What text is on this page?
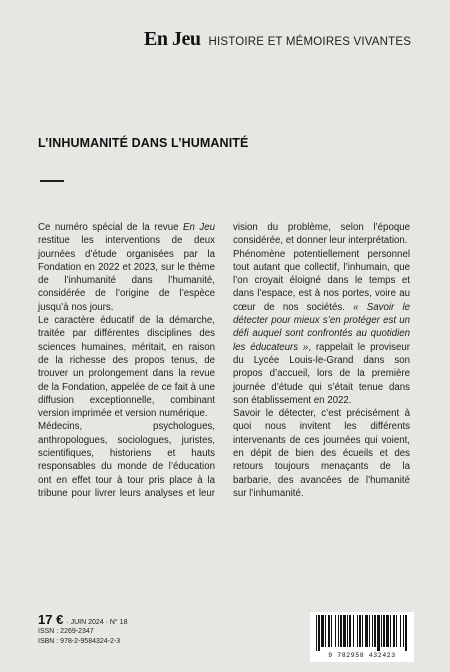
En Jeu HISTOIRE ET MÉMOIRES VIVANTES
L’INHUMANITÉ DANS L’HUMANITÉ

Ce numéro spécial de la revue En Jeu restitue les interventions de deux journées d’étude organisées par la Fondation en 2022 et 2023, sur le thème de l’inhumanité dans l’humanité, considérée de l’origine de l’espèce jusqu’à nos jours.

Le caractère éducatif de la démarche, traitée par différentes disciplines des sciences humaines, méritait, en raison de la richesse des propos tenus, de trouver un prolongement dans la revue de la Fondation, appelée de ce fait à une diffusion exceptionnelle, combinant version imprimée et version numérique.

Médecins, psychologues, anthropologues, sociologues, juristes, scientifiques, historiens et hauts responsables du monde de l’éducation ont en effet tour à tour pris place à la tribune pour livrer leurs analyses et leur vision du problème, selon l’époque considérée, et donner leur interprétation.

Phénomène potentiellement personnel tout autant que collectif, l’inhumain, que l’on croyait éloigné dans le temps et dans l’espace, est à nos portes, voire au cœur de nos sociétés. « Savoir le détecter pour mieux s’en protéger est un défi auquel sont confrontés au quotidien les éducateurs », rappelait le proviseur du Lycée Louis-le-Grand dans son propos d’accueil, lors de la première journée d’étude qui s’était tenue dans son établissement en 2022.

Savoir le détecter, c’est précisément à quoi nous invitent les différents intervenants de ces journées qui voient, en dépit de bien des écueils et des retours toujours menaçants de la barbarie, des avancées de l’humanité sur l’inhumanité.

17 € · JUIN 2024 · N° 18
ISSN : 2269-2347
ISBN : 978-2-9584324-2-3
9 782958 432423
